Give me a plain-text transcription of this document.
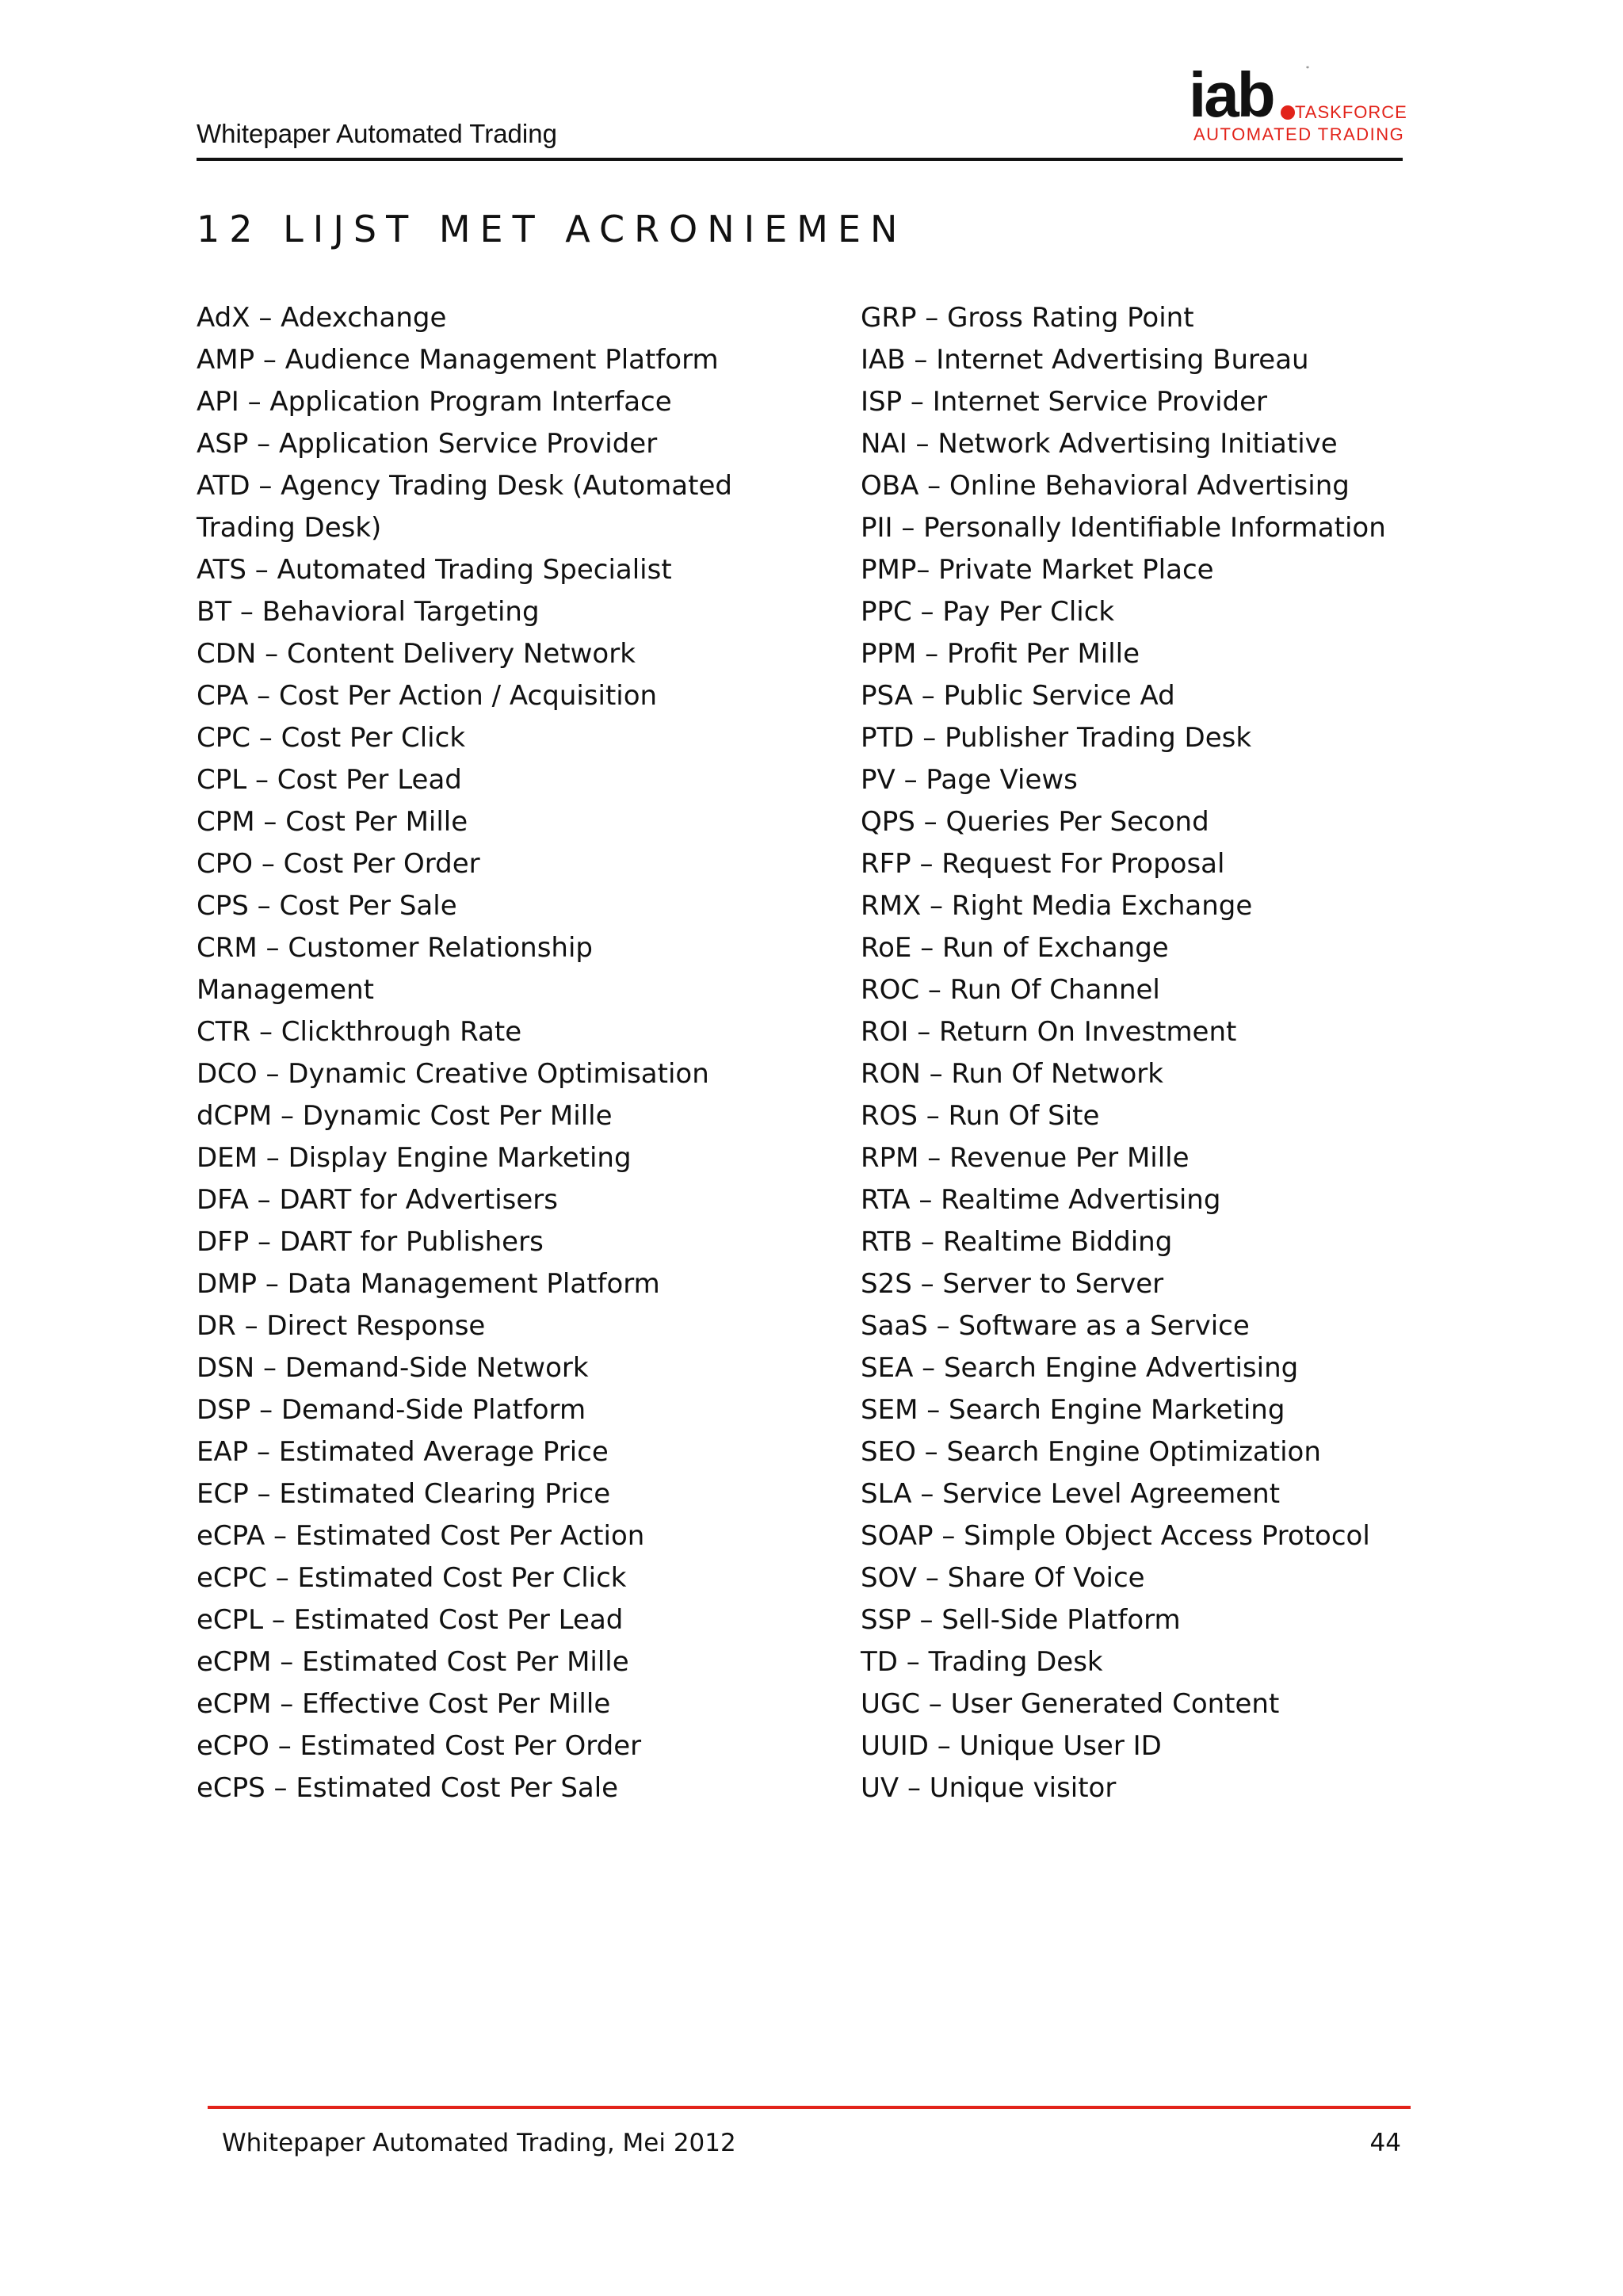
Whitepaper Automated Trading
iab	*
TASKFORCE
AUTOMATED TRADING
12 LIJST MET ACRONIEMEN
AdX – Adexchange
AMP – Audience Management Platform
API – Application Program Interface
ASP – Application Service Provider
ATD – Agency Trading Desk (Automated
Trading Desk)
ATS – Automated Trading Specialist
BT – Behavioral Targeting
CDN – Content Delivery Network
CPA – Cost Per Action / Acquisition
CPC – Cost Per Click
CPL – Cost Per Lead
CPM – Cost Per Mille
CPO – Cost Per Order
CPS – Cost Per Sale
CRM – Customer Relationship
Management
CTR – Clickthrough Rate
DCO – Dynamic Creative Optimisation
dCPM – Dynamic Cost Per Mille
DEM – Display Engine Marketing
DFA – DART for Advertisers
DFP – DART for Publishers
DMP – Data Management Platform
DR – Direct Response
DSN – Demand-Side Network
DSP – Demand-Side Platform
EAP – Estimated Average Price
ECP – Estimated Clearing Price
eCPA – Estimated Cost Per Action
eCPC – Estimated Cost Per Click
eCPL – Estimated Cost Per Lead
eCPM – Estimated Cost Per Mille
eCPM – Effective Cost Per Mille
eCPO – Estimated Cost Per Order
eCPS – Estimated Cost Per Sale
GRP – Gross Rating Point
IAB – Internet Advertising Bureau
ISP – Internet Service Provider
NAI – Network Advertising Initiative
OBA – Online Behavioral Advertising
PII – Personally Identifiable Information
PMP– Private Market Place
PPC – Pay Per Click
PPM – Profit Per Mille
PSA – Public Service Ad
PTD – Publisher Trading Desk
PV – Page Views
QPS – Queries Per Second
RFP – Request For Proposal
RMX – Right Media Exchange
RoE – Run of Exchange
ROC – Run Of Channel
ROI – Return On Investment
RON – Run Of Network
ROS – Run Of Site
RPM – Revenue Per Mille
RTA – Realtime Advertising
RTB – Realtime Bidding
S2S – Server to Server
SaaS – Software as a Service
SEA – Search Engine Advertising
SEM – Search Engine Marketing
SEO – Search Engine Optimization
SLA – Service Level Agreement
SOAP – Simple Object Access Protocol
SOV – Share Of Voice
SSP – Sell-Side Platform
TD – Trading Desk
UGC – User Generated Content
UUID – Unique User ID
UV – Unique visitor
Whitepaper Automated Trading, Mei 2012	44
